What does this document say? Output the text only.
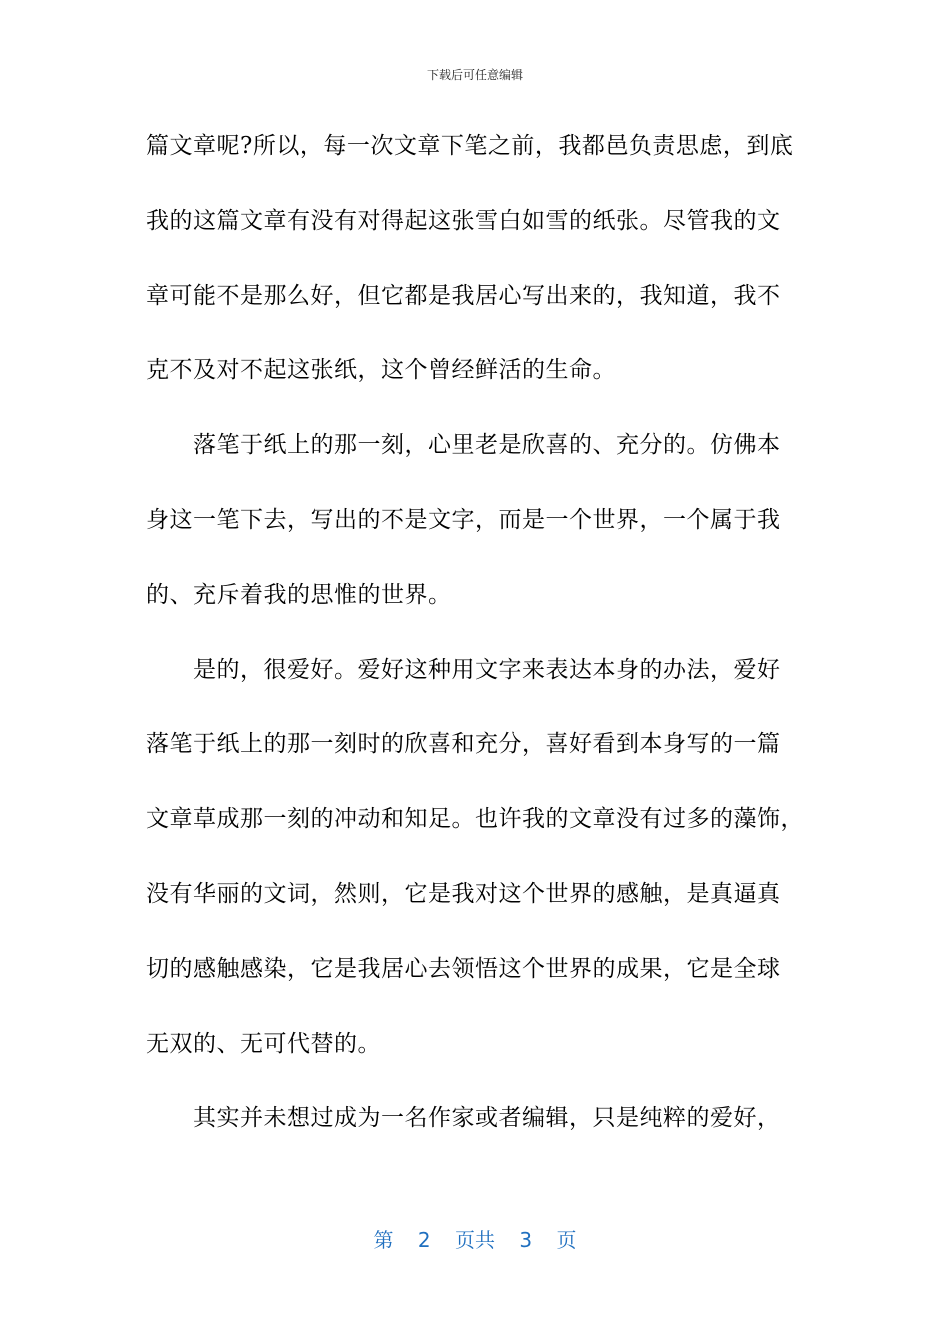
下载后可任意编辑
篇文章呢?所以，每一次文章下笔之前，我都邑负责思虑，到底
我的这篇文章有没有对得起这张雪白如雪的纸张。尽管我的文
章可能不是那么好，但它都是我居心写出来的，我知道，我不
克不及对不起这张纸，这个曾经鲜活的生命。
落笔于纸上的那一刻，心里老是欣喜的、充分的。仿佛本
身这一笔下去，写出的不是文字，而是一个世界，一个属于我
的、充斥着我的思惟的世界。
是的，很爱好。爱好这种用文字来表达本身的办法，爱好
落笔于纸上的那一刻时的欣喜和充分，喜好看到本身写的一篇
文章草成那一刻的冲动和知足。也许我的文章没有过多的藻饰，
没有华丽的文词，然则，它是我对这个世界的感触，是真逼真
切的感触感染，它是我居心去领悟这个世界的成果，它是全球
无双的、无可代替的。
其实并未想过成为一名作家或者编辑，只是纯粹的爱好，
第 2 页共 3 页
